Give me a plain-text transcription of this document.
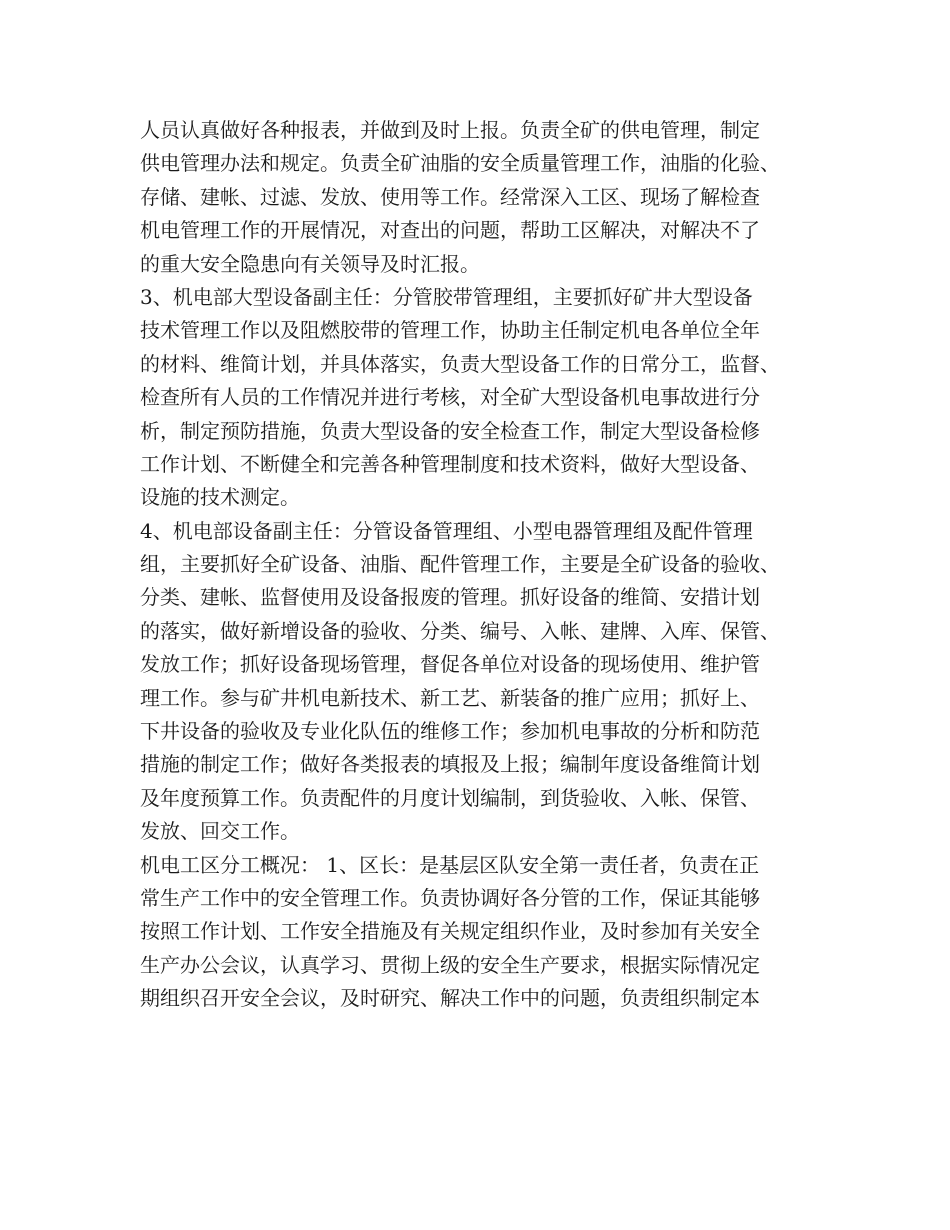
人员认真做好各种报表，并做到及时上报。负责全矿的供电管理，制定
供电管理办法和规定。负责全矿油脂的安全质量管理工作，油脂的化验、
存储、建帐、过滤、发放、使用等工作。经常深入工区、现场了解检查
机电管理工作的开展情况，对查出的问题，帮助工区解决，对解决不了
的重大安全隐患向有关领导及时汇报。
3、机电部大型设备副主任：分管胶带管理组，主要抓好矿井大型设备
技术管理工作以及阻燃胶带的管理工作，协助主任制定机电各单位全年
的材料、维简计划，并具体落实，负责大型设备工作的日常分工，监督、
检查所有人员的工作情况并进行考核，对全矿大型设备机电事故进行分
析，制定预防措施，负责大型设备的安全检查工作，制定大型设备检修
工作计划、不断健全和完善各种管理制度和技术资料，做好大型设备、
设施的技术测定。
4、机电部设备副主任：分管设备管理组、小型电器管理组及配件管理
组，主要抓好全矿设备、油脂、配件管理工作，主要是全矿设备的验收、
分类、建帐、监督使用及设备报废的管理。抓好设备的维简、安措计划
的落实，做好新增设备的验收、分类、编号、入帐、建牌、入库、保管、
发放工作；抓好设备现场管理，督促各单位对设备的现场使用、维护管
理工作。参与矿井机电新技术、新工艺、新装备的推广应用；抓好上、
下井设备的验收及专业化队伍的维修工作；参加机电事故的分析和防范
措施的制定工作；做好各类报表的填报及上报；编制年度设备维简计划
及年度预算工作。负责配件的月度计划编制，到货验收、入帐、保管、
发放、回交工作。
机电工区分工概况： 1、区长：是基层区队安全第一责任者，负责在正
常生产工作中的安全管理工作。负责协调好各分管的工作，保证其能够
按照工作计划、工作安全措施及有关规定组织作业，及时参加有关安全
生产办公会议，认真学习、贯彻上级的安全生产要求，根据实际情况定
期组织召开安全会议，及时研究、解决工作中的问题，负责组织制定本
